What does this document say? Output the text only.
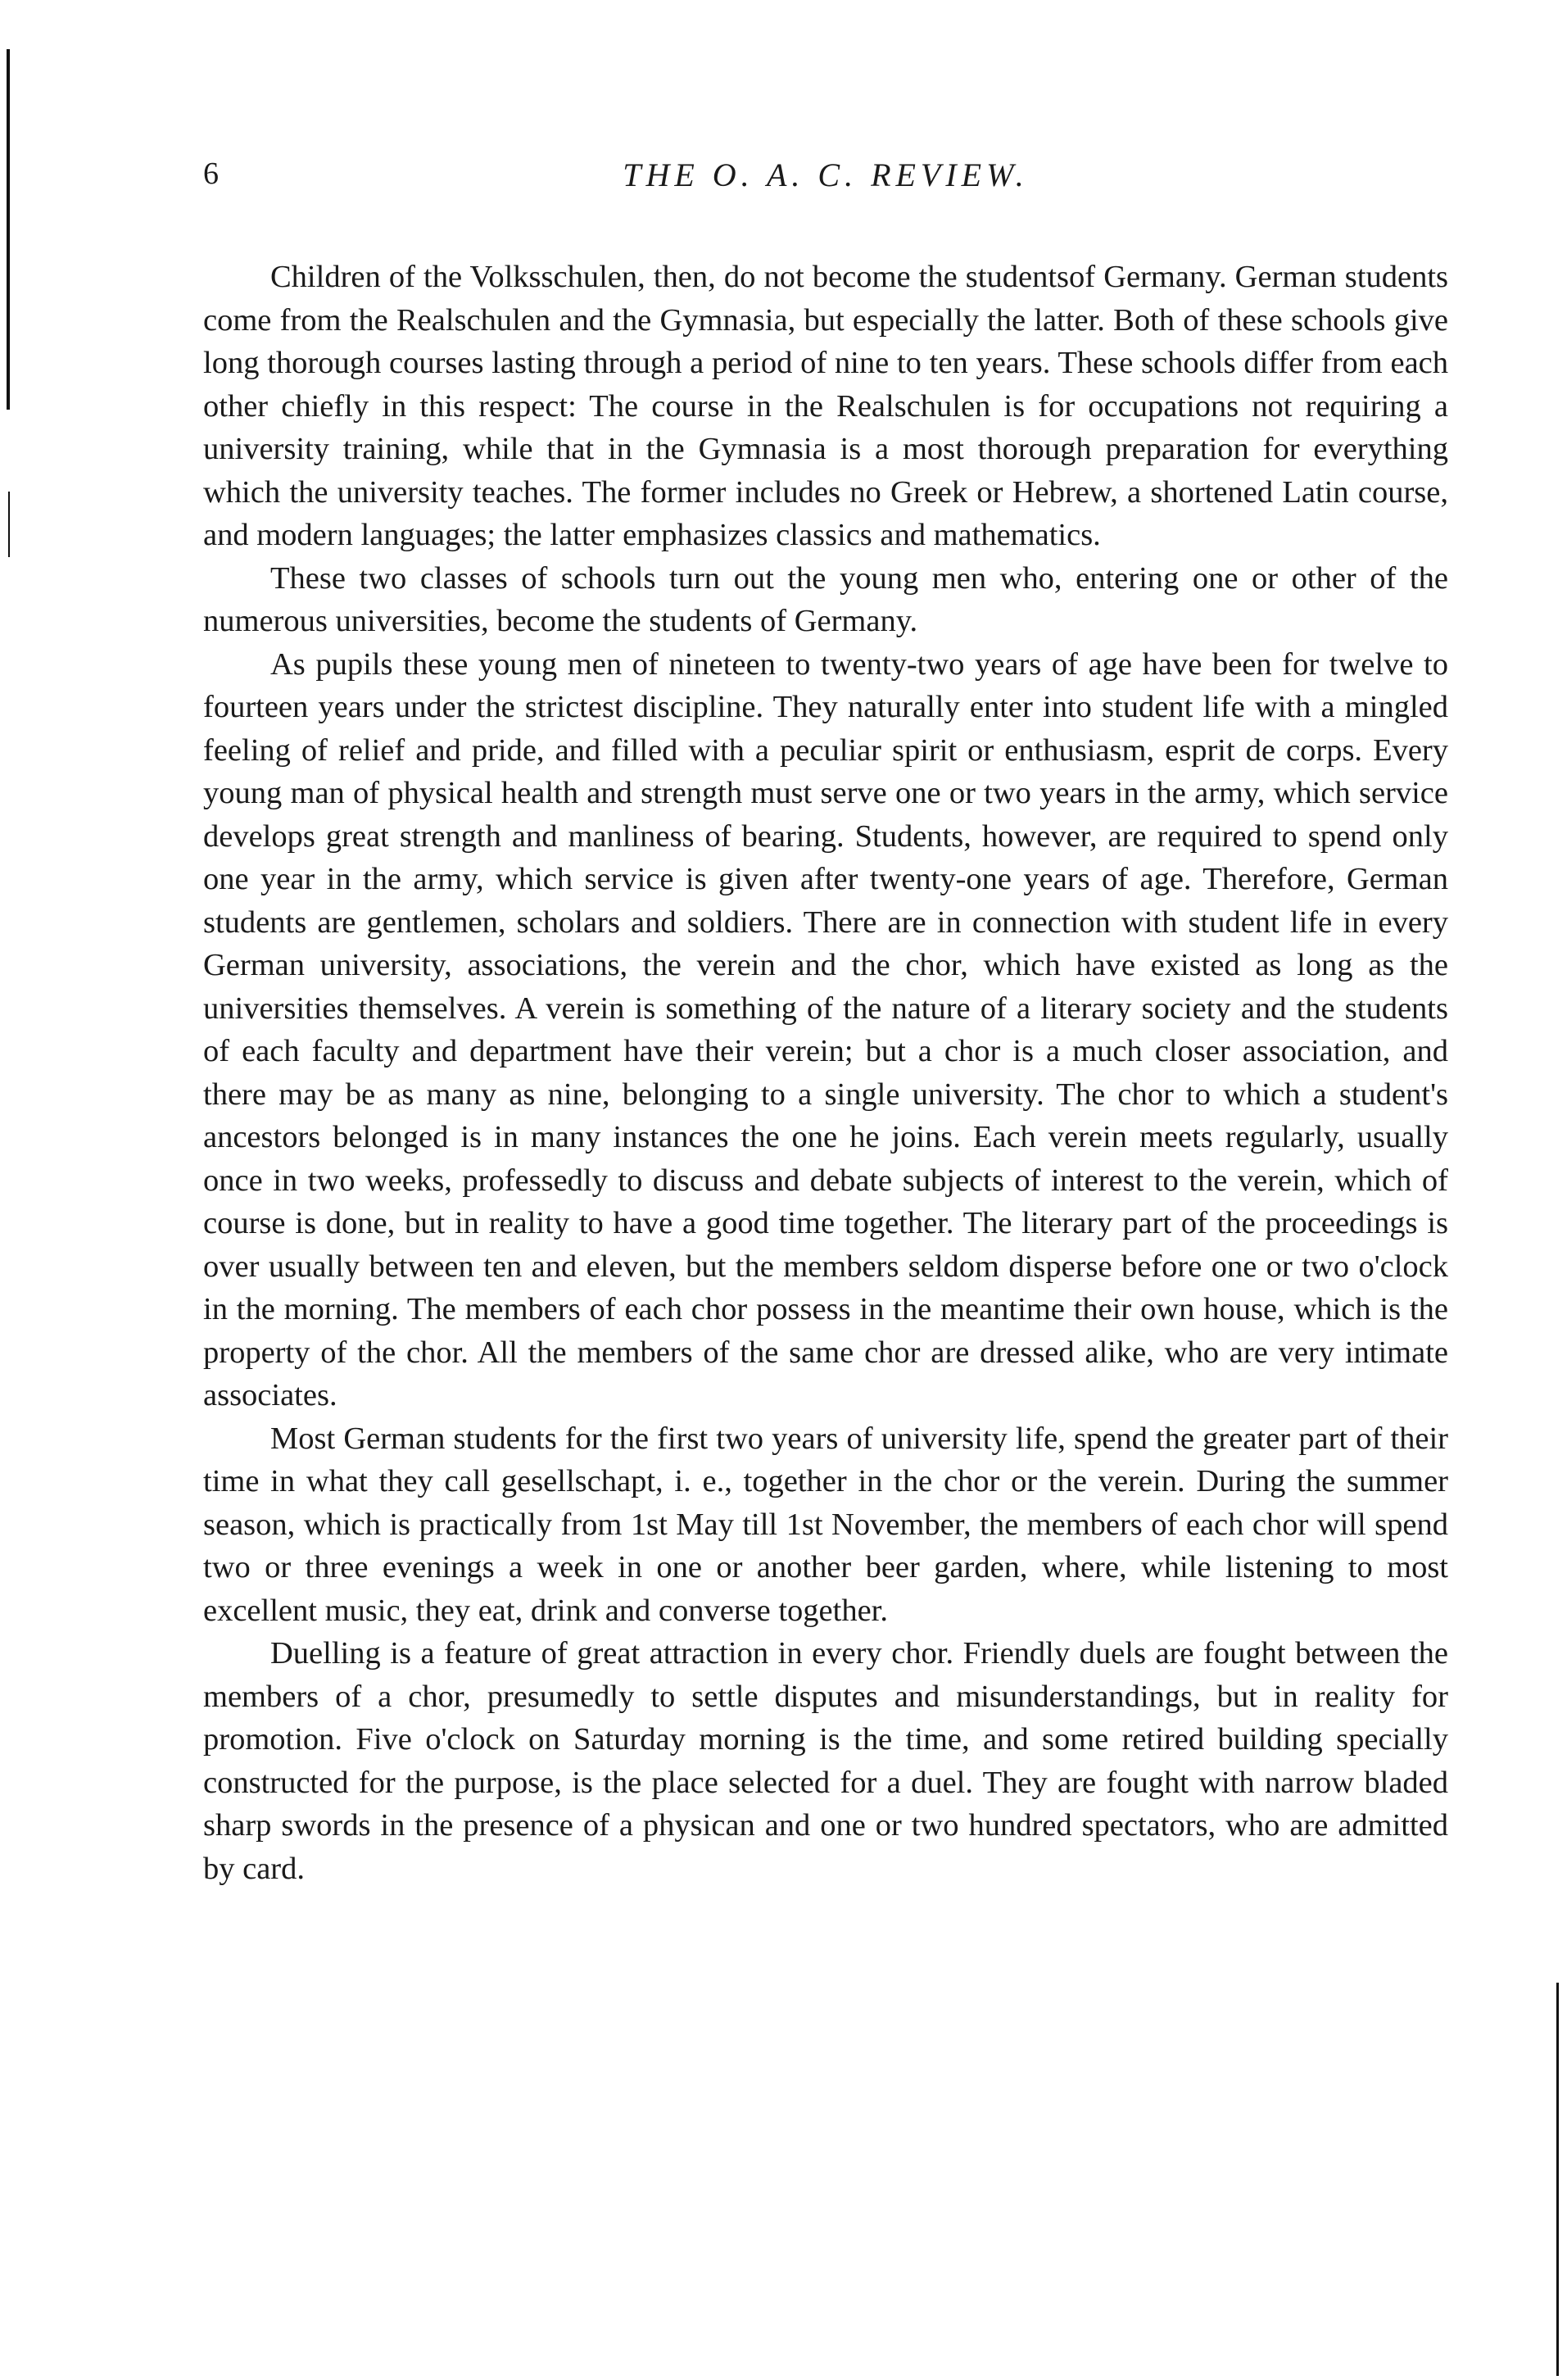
6	THE O. A. C. REVIEW.

Children of the Volksschulen, then, do not become the studentsof Germany. German students come from the Realschulen and the Gymnasia, but especially the latter. Both of these schools give long thorough courses lasting through a period of nine to ten years. These schools differ from each other chiefly in this respect: The course in the Realschulen is for occupations not requiring a university training, while that in the Gymnasia is a most thorough preparation for everything which the university teaches. The former includes no Greek or Hebrew, a shortened Latin course, and modern languages; the latter emphasizes classics and mathematics.

These two classes of schools turn out the young men who, entering one or other of the numerous universities, become the students of Germany.

As pupils these young men of nineteen to twenty-two years of age have been for twelve to fourteen years under the strictest discipline. They naturally enter into student life with a mingled feeling of relief and pride, and filled with a peculiar spirit or enthusiasm, esprit de corps. Every young man of physical health and strength must serve one or two years in the army, which service develops great strength and manliness of bearing. Students, however, are required to spend only one year in the army, which service is given after twenty-one years of age. Therefore, German students are gentlemen, scholars and soldiers. There are in connection with student life in every German university, associations, the verein and the chor, which have existed as long as the universities themselves. A verein is something of the nature of a literary society and the students of each faculty and department have their verein; but a chor is a much closer association, and there may be as many as nine, belonging to a single university. The chor to which a student's ancestors belonged is in many instances the one he joins. Each verein meets regularly, usually once in two weeks, professedly to discuss and debate subjects of interest to the verein, which of course is done, but in reality to have a good time together. The literary part of the proceedings is over usually between ten and eleven, but the members seldom disperse before one or two o'clock in the morning. The members of each chor possess in the meantime their own house, which is the property of the chor. All the members of the same chor are dressed alike, who are very intimate associates.

Most German students for the first two years of university life, spend the greater part of their time in what they call gesellschapt, i. e., together in the chor or the verein. During the summer season, which is practically from 1st May till 1st November, the members of each chor will spend two or three evenings a week in one or another beer garden, where, while listening to most excellent music, they eat, drink and converse together.

Duelling is a feature of great attraction in every chor. Friendly duels are fought between the members of a chor, presumedly to settle disputes and misunderstandings, but in reality for promotion. Five o'clock on Saturday morning is the time, and some retired building specially constructed for the purpose, is the place selected for a duel. They are fought with narrow bladed sharp swords in the presence of a physican and one or two hundred spectators, who are admitted by card.
